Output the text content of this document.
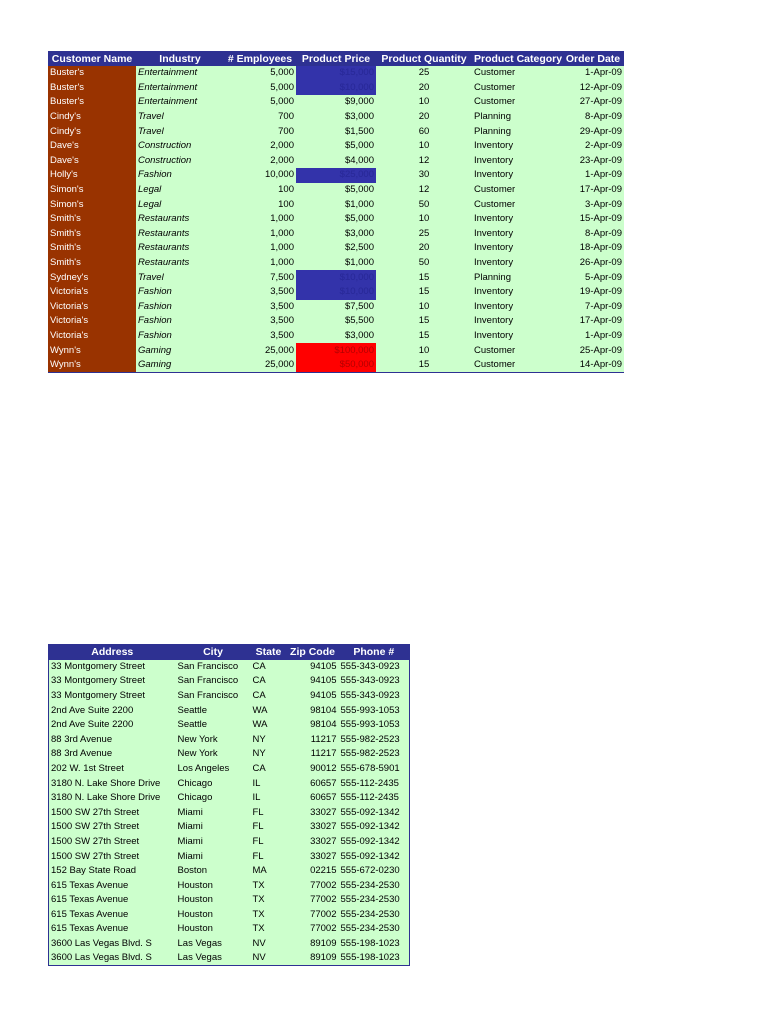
Customer Name	Industry	# Employees	Product Price	Product Quantity	Product Category	Order Date
Buster's	Entertainment	5,000	$15,000	25	Customer	1-Apr-09
Buster's	Entertainment	5,000	$10,000	20	Customer	12-Apr-09
Buster's	Entertainment	5,000	$9,000	10	Customer	27-Apr-09
Cindy's	Travel	700	$3,000	20	Planning	8-Apr-09
Cindy's	Travel	700	$1,500	60	Planning	29-Apr-09
Dave's	Construction	2,000	$5,000	10	Inventory	2-Apr-09
Dave's	Construction	2,000	$4,000	12	Inventory	23-Apr-09
Holly's	Fashion	10,000	$25,000	30	Inventory	1-Apr-09
Simon's	Legal	100	$5,000	12	Customer	17-Apr-09
Simon's	Legal	100	$1,000	50	Customer	3-Apr-09
Smith's	Restaurants	1,000	$5,000	10	Inventory	15-Apr-09
Smith's	Restaurants	1,000	$3,000	25	Inventory	8-Apr-09
Smith's	Restaurants	1,000	$2,500	20	Inventory	18-Apr-09
Smith's	Restaurants	1,000	$1,000	50	Inventory	26-Apr-09
Sydney's	Travel	7,500	$10,000	15	Planning	5-Apr-09
Victoria's	Fashion	3,500	$10,000	15	Inventory	19-Apr-09
Victoria's	Fashion	3,500	$7,500	10	Inventory	7-Apr-09
Victoria's	Fashion	3,500	$5,500	15	Inventory	17-Apr-09
Victoria's	Fashion	3,500	$3,000	15	Inventory	1-Apr-09
Wynn's	Gaming	25,000	$100,000	10	Customer	25-Apr-09
Wynn's	Gaming	25,000	$50,000	15	Customer	14-Apr-09
Address	City	State	Zip Code	Phone #
33 Montgomery Street	San Francisco	CA	94105	555-343-0923
33 Montgomery Street	San Francisco	CA	94105	555-343-0923
33 Montgomery Street	San Francisco	CA	94105	555-343-0923
2nd Ave Suite 2200	Seattle	WA	98104	555-993-1053
2nd Ave Suite 2200	Seattle	WA	98104	555-993-1053
88 3rd Avenue	New York	NY	11217	555-982-2523
88 3rd Avenue	New York	NY	11217	555-982-2523
202 W. 1st Street	Los Angeles	CA	90012	555-678-5901
3180 N. Lake Shore Drive	Chicago	IL	60657	555-112-2435
3180 N. Lake Shore Drive	Chicago	IL	60657	555-112-2435
1500 SW 27th Street	Miami	FL	33027	555-092-1342
1500 SW 27th Street	Miami	FL	33027	555-092-1342
1500 SW 27th Street	Miami	FL	33027	555-092-1342
1500 SW 27th Street	Miami	FL	33027	555-092-1342
152 Bay State Road	Boston	MA	02215	555-672-0230
615 Texas Avenue	Houston	TX	77002	555-234-2530
615 Texas Avenue	Houston	TX	77002	555-234-2530
615 Texas Avenue	Houston	TX	77002	555-234-2530
615 Texas Avenue	Houston	TX	77002	555-234-2530
3600 Las Vegas Blvd. S	Las Vegas	NV	89109	555-198-1023
3600 Las Vegas Blvd. S	Las Vegas	NV	89109	555-198-1023
